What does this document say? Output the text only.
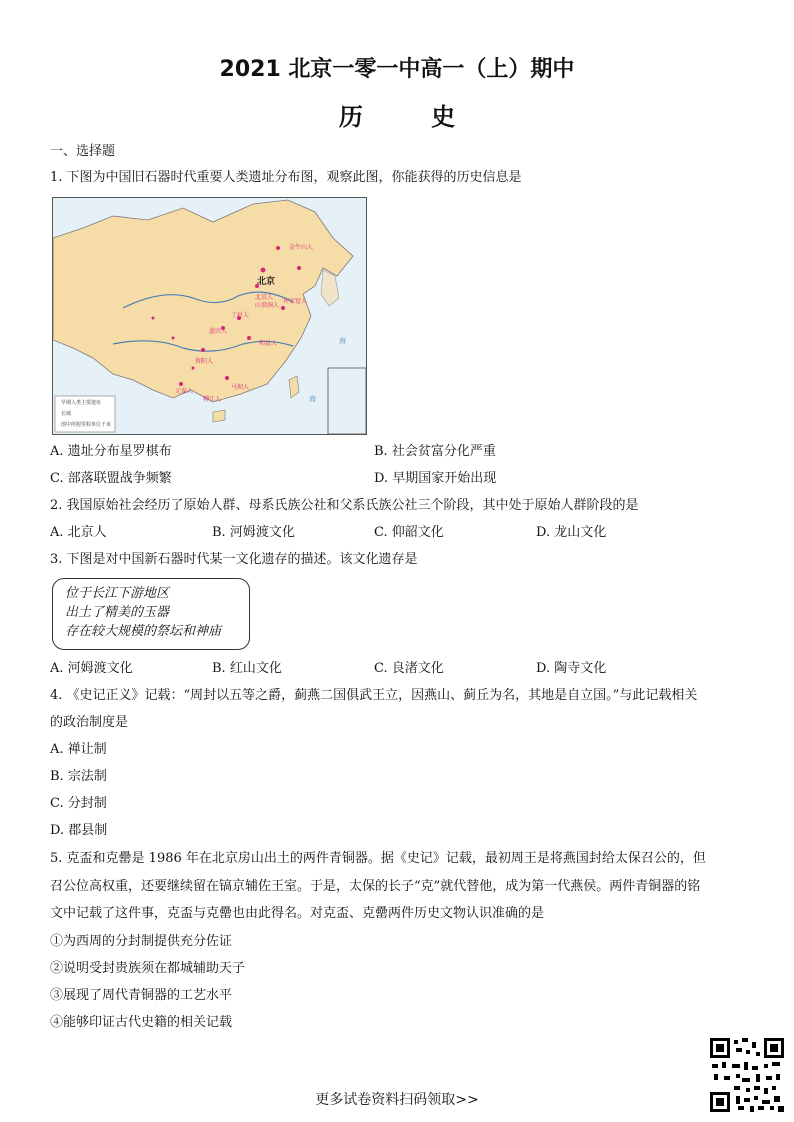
2021 北京一零一中高一（上）期中
历 史
一、选择题
1. 下图为中国旧石器时代重要人类遗址分布图，观察此图，你能获得的历史信息是
北京
金牛山人
北京人
山顶洞人
丁村人
蓝田人
和县人
元谋人
马坝人
柳江人
资阳人
许家窑人
早期人类主要遗址
长城
图中所附里程单位千米
海
海
A. 遗址分布星罗棋布	B. 社会贫富分化严重
C. 部落联盟战争频繁	D. 早期国家开始出现
2. 我国原始社会经历了原始人群、母系氏族公社和父系氏族公社三个阶段，其中处于原始人群阶段的是
A. 北京人	B. 河姆渡文化	C. 仰韶文化	D. 龙山文化
3. 下图是对中国新石器时代某一文化遗存的描述。该文化遗存是
位于长江下游地区
出土了精美的玉器
存在较大规模的祭坛和神庙
A. 河姆渡文化	B. 红山文化	C. 良渚文化	D. 陶寺文化
4. 《史记正义》记载：“周封以五等之爵，蓟燕二国俱武王立，因燕山、蓟丘为名，其地是自立国。”与此记载相关
的政治制度是
A. 禅让制
B. 宗法制
C. 分封制
D. 郡县制
5. 克盃和克罍是 1986 年在北京房山出土的两件青铜器。据《史记》记载，最初周王是将燕国封给太保召公的，但
召公位高权重，还要继续留在镐京辅佐王室。于是，太保的长子“克”就代替他，成为第一代燕侯。两件青铜器的铭
文中记载了这件事，克盃与克罍也由此得名。对克盃、克罍两件历史文物认识准确的是
①为西周的分封制提供充分佐证
②说明受封贵族须在都城辅助天子
③展现了周代青铜器的工艺水平
④能够印证古代史籍的相关记载
更多试卷资料扫码领取>>
